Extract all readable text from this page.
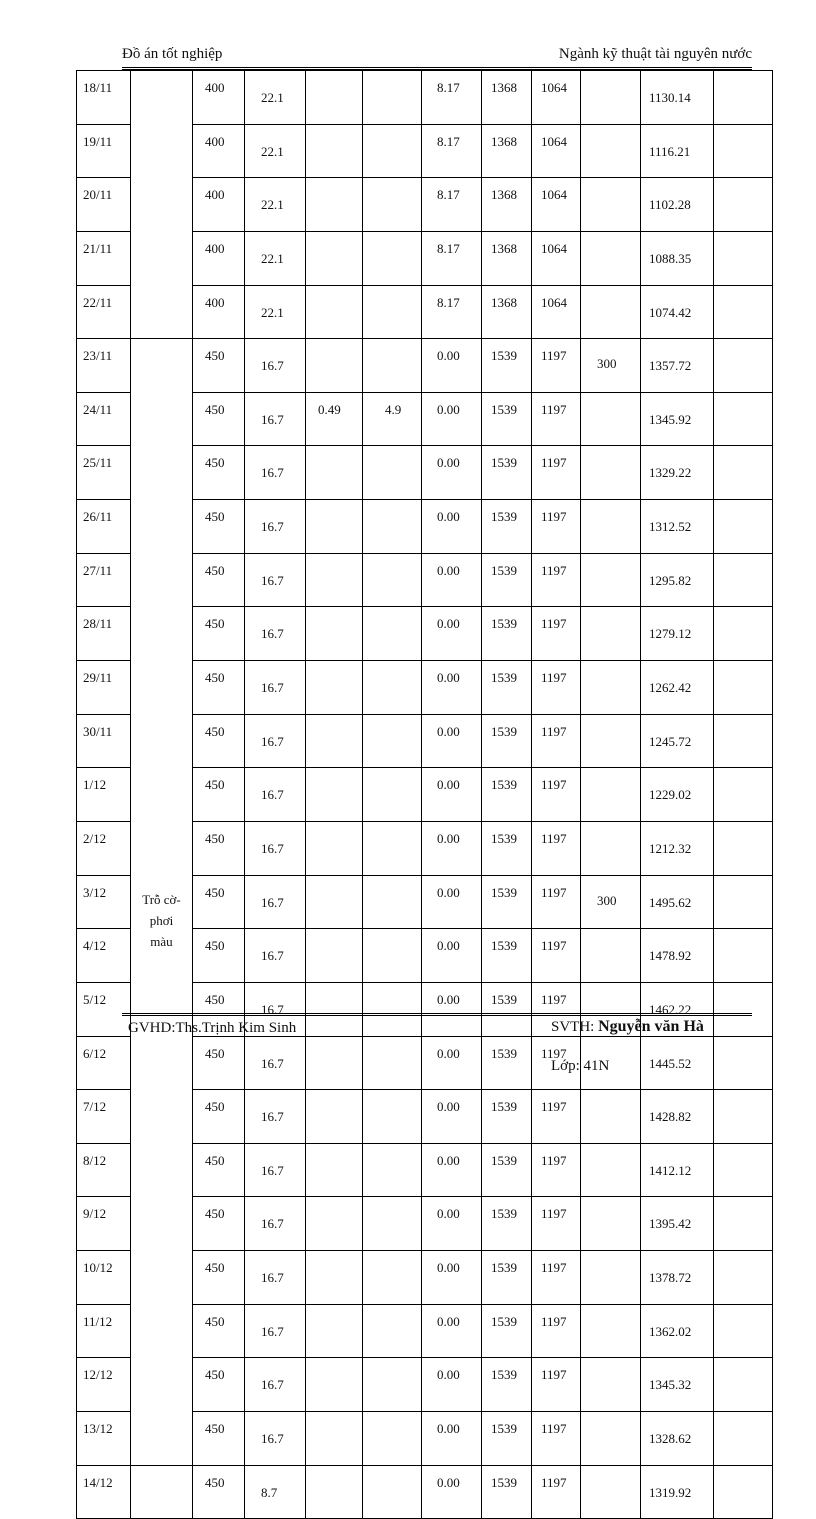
Đồ án tốt nghiệp	Ngành kỹ thuật tài nguyên nước
18/11		400	22.1			8.17	1368	1064		1130.14	

19/11		400	22.1			8.17	1368	1064		1116.21	

20/11		400	22.1			8.17	1368	1064		1102.28	

21/11		400	22.1			8.17	1368	1064		1088.35	

22/11		400	22.1			8.17	1368	1064		1074.42	

23/11	Trỗ cờ-phơi màu	450	16.7			0.00	1539	1197	300	1357.72	

24/11		450	16.7	0.49	4.9	0.00	1539	1197		1345.92	

25/11		450	16.7			0.00	1539	1197		1329.22	

26/11		450	16.7			0.00	1539	1197		1312.52	

27/11		450	16.7			0.00	1539	1197		1295.82	

28/11		450	16.7			0.00	1539	1197		1279.12	

29/11		450	16.7			0.00	1539	1197		1262.42	

30/11		450	16.7			0.00	1539	1197		1245.72	

1/12		450	16.7			0.00	1539	1197		1229.02	

2/12		450	16.7			0.00	1539	1197		1212.32	

3/12		450	16.7			0.00	1539	1197	300	1495.62	

4/12		450	16.7			0.00	1539	1197		1478.92	

5/12		450	16.7			0.00	1539	1197		1462.22	

6/12		450	16.7			0.00	1539	1197		1445.52	

7/12		450	16.7			0.00	1539	1197		1428.82	

8/12		450	16.7			0.00	1539	1197		1412.12	

9/12		450	16.7			0.00	1539	1197		1395.42	

10/12		450	16.7			0.00	1539	1197		1378.72	

11/12		450	16.7			0.00	1539	1197		1362.02	

12/12		450	16.7			0.00	1539	1197		1345.32	

13/12		450	16.7			0.00	1539	1197		1328.62	

14/12		450	8.7			0.00	1539	1197		1319.92	

GVHD:Ths.Trịnh Kim Sinh	SVTH: Nguyễn văn Hà
Lớp: 41N
